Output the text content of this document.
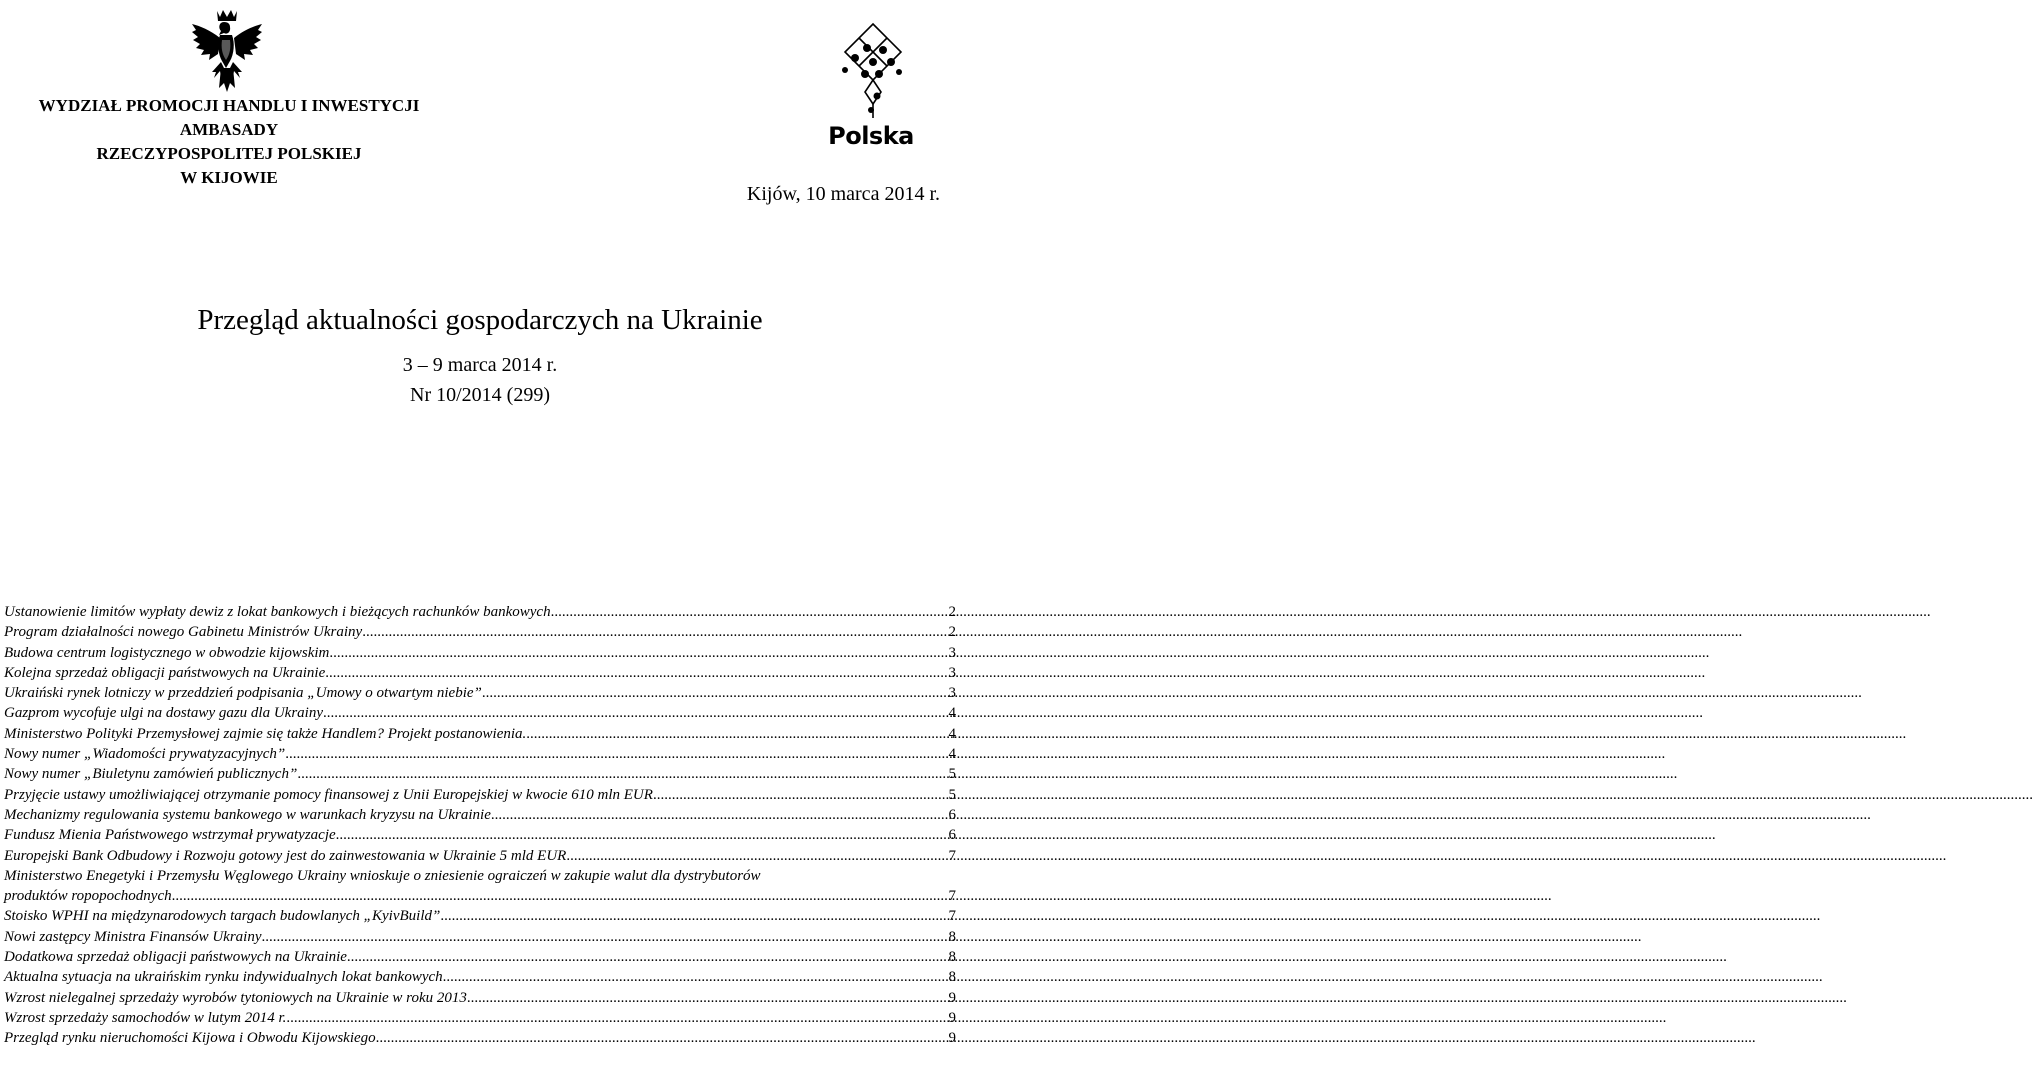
WYDZIAŁ PROMOCJI HANDLU I INWESTYCJI
AMBASADY
RZECZYPOSPOLITEJ POLSKIEJ
W KIJOWIE
Polska
Kijów, 10 marca 2014 r.
Przegląd aktualności gospodarczych na Ukrainie
3 – 9 marca 2014 r.
Nr 10/2014 (299)
Ustanowienie limitów wypłaty dewiz z lokat bankowych i bieżących rachunków bankowych .....	2
Program działalności nowego Gabinetu Ministrów Ukrainy .....	2
Budowa centrum logistycznego w obwodzie kijowskim .....	3
Kolejna sprzedaż obligacji państwowych na Ukrainie .....	3
Ukraiński rynek lotniczy w przeddzień podpisania „Umowy o otwartym niebie” .....	3
Gazprom wycofuje ulgi na dostawy gazu dla Ukrainy .....	4
Ministerstwo Polityki Przemysłowej zajmie się także Handlem? Projekt postanowienia. .....	4
Nowy numer „Wiadomości prywatyzacyjnych” .....	4
Nowy numer „Biuletynu zamówień publicznych” .....	5
Przyjęcie ustawy umożliwiającej otrzymanie pomocy finansowej z Unii Europejskiej w kwocie 610 mln EUR .....	5
Mechanizmy regulowania systemu bankowego w warunkach kryzysu na Ukrainie .....	6
Fundusz Mienia Państwowego wstrzymał prywatyzacje .....	6
Europejski Bank Odbudowy i Rozwoju gotowy jest do zainwestowania w Ukrainie 5 mld EUR .....	7
Ministerstwo Enegetyki i Przemysłu Węglowego Ukrainy wnioskuje o zniesienie ograiczeń w zakupie walut dla dystrybutorów
produktów ropopochodnych .....	7
Stoisko WPHI na międzynarodowych targach budowlanych „KyivBuild” .....	7
Nowi zastępcy Ministra Finansów Ukrainy .....	8
Dodatkowa sprzedaż obligacji państwowych na Ukrainie .....	8
Aktualna sytuacja na ukraińskim rynku indywidualnych lokat bankowych .....	8
Wzrost nielegalnej sprzedaży wyrobów tytoniowych na Ukrainie w roku 2013 .....	9
Wzrost sprzedaży samochodów w lutym 2014 r. .....	9
Przegląd rynku nieruchomości Kijowa i Obwodu Kijowskiego .....	9
